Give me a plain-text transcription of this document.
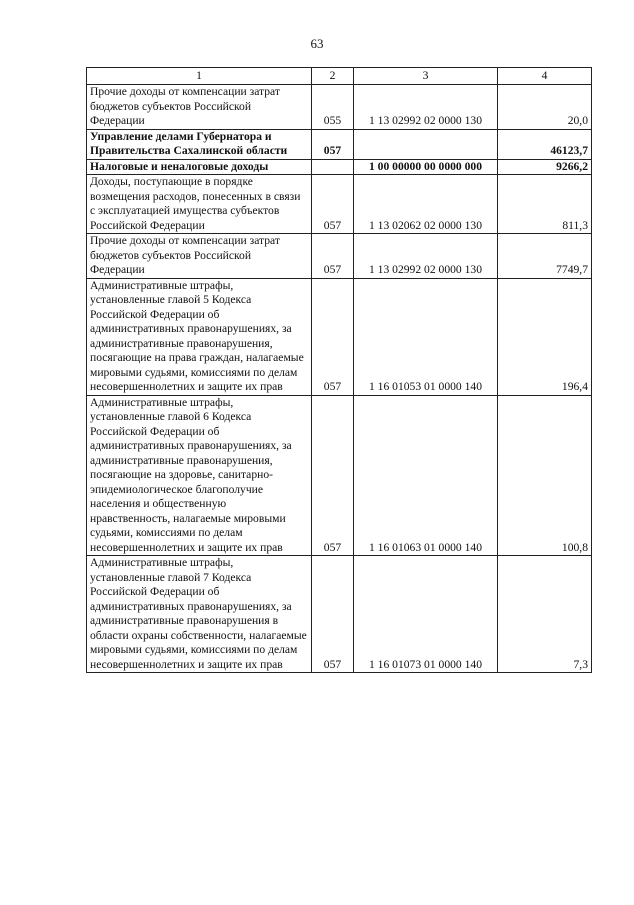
63
1	2	3	4
Прочие доходы от компенсации затрат бюджетов субъектов Российской Федерации	055	1 13 02992 02 0000 130	20,0
Управление делами Губернатора и Правительства Сахалинской области	057		46123,7
Налоговые и неналоговые доходы		1 00 00000 00 0000 000	9266,2
Доходы, поступающие в порядке возмещения расходов, понесенных в связи с эксплуатацией имущества субъектов Российской Федерации	057	1 13 02062 02 0000 130	811,3
Прочие доходы от компенсации затрат бюджетов субъектов Российской Федерации	057	1 13 02992 02 0000 130	7749,7
Административные штрафы, установленные главой 5 Кодекса Российской Федерации об административных правонарушениях, за административные правонарушения, посягающие на права граждан, налагаемые мировыми судьями, комиссиями по делам несовершеннолетних и защите их прав	057	1 16 01053 01 0000 140	196,4
Административные штрафы, установленные главой 6 Кодекса Российской Федерации об административных правонарушениях, за административные правонарушения, посягающие на здоровье, санитарно-эпидемиологическое благополучие населения и общественную нравственность, налагаемые мировыми судьями, комиссиями по делам несовершеннолетних и защите их прав	057	1 16 01063 01 0000 140	100,8
Административные штрафы, установленные главой 7 Кодекса Российской Федерации об административных правонарушениях, за административные правонарушения в области охраны собственности, налагаемые мировыми судьями, комиссиями по делам несовершеннолетних и защите их прав	057	1 16 01073 01 0000 140	7,3
